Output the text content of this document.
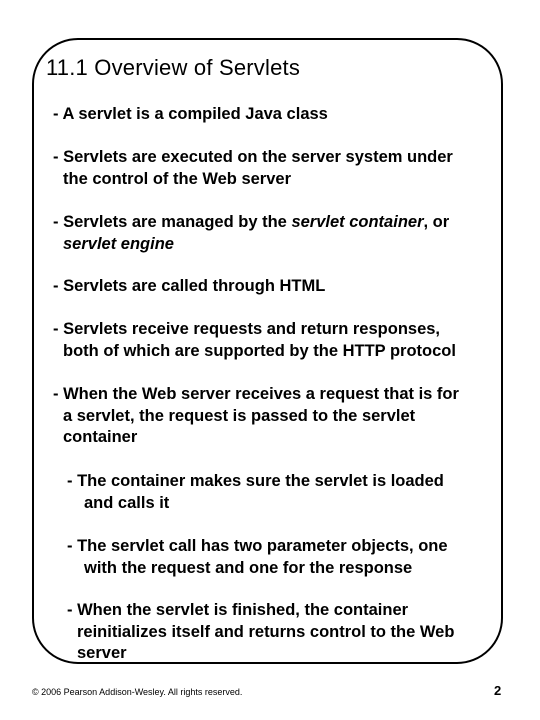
11.1 Overview of Servlets
- A servlet is a compiled Java class
- Servlets are executed on the server system under
the control of the Web server
- Servlets are managed by the servlet container, or
servlet engine
- Servlets are called through HTML
- Servlets receive requests and return responses,
both of which are supported by the HTTP protocol
- When the Web server receives a request that is for
a servlet, the request is passed to the servlet
container
- The container makes sure the servlet is loaded
and calls it
- The servlet call has two parameter objects, one
with the request and one for the response
- When the servlet is finished, the container
reinitializes itself and returns control to the Web
server
© 2006 Pearson Addison-Wesley. All rights reserved.	2
